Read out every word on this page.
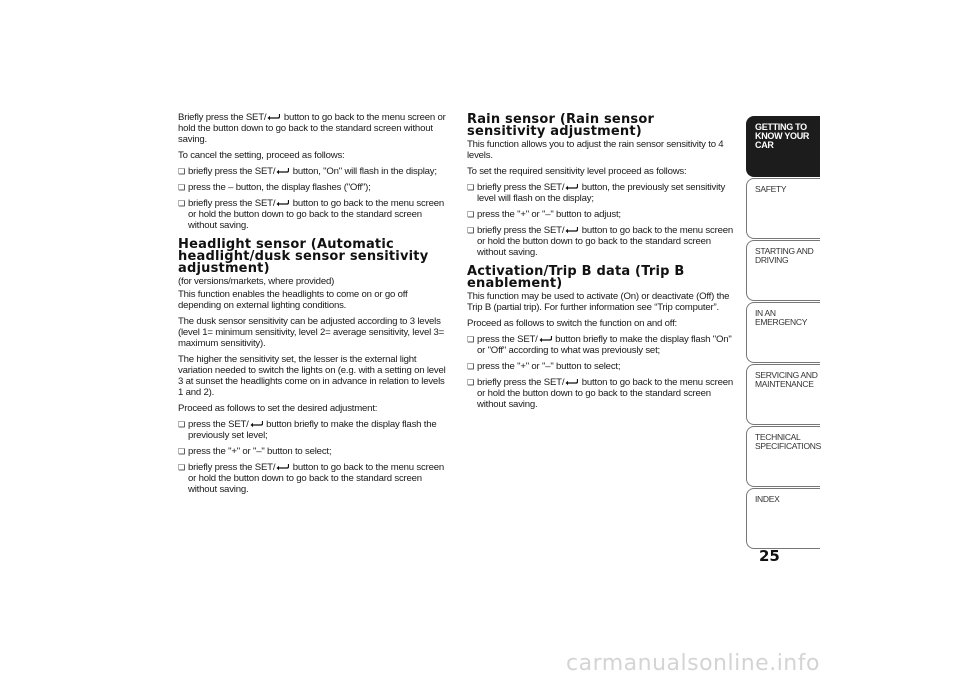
Briefly press the SET/
button to go back to the menu screen or hold the button down to go back to the standard screen without saving.

To cancel the setting, proceed as follows:

❏ briefly press the SET/
button, "On" will flash in the display;
❏ press the – button, the display flashes ("Off");
❏ briefly press the SET/
button to go back to the menu screen or hold the button down to go back to the standard screen without saving.
Headlight sensor (Automatic headlight/dusk sensor sensitivity adjustment)

(for versions/markets, where provided)

This function enables the headlights to come on or go off depending on external lighting conditions.

The dusk sensor sensitivity can be adjusted according to 3 levels (level 1= minimum sensitivity, level 2= average sensitivity, level 3= maximum sensitivity).

The higher the sensitivity set, the lesser is the external light variation needed to switch the lights on (e.g. with a setting on level 3 at sunset the headlights come on in advance in relation to levels 1 and 2).

Proceed as follows to set the desired adjustment:

❏ press the SET/
button briefly to make the display flash the previously set level;
❏ press the "+" or "–" button to select;
❏ briefly press the SET/
button to go back to the menu screen or hold the button down to go back to the standard screen without saving.
Rain sensor (Rain sensor sensitivity adjustment)

This function allows you to adjust the rain sensor sensitivity to 4 levels.

To set the required sensitivity level proceed as follows:

❏ briefly press the SET/
button, the previously set sensitivity level will flash on the display;
❏ press the "+" or "–" button to adjust;
❏ briefly press the SET/
button to go back to the menu screen or hold the button down to go back to the standard screen without saving.
Activation/Trip B data (Trip B enablement)

This function may be used to activate (On) or deactivate (Off) the Trip B (partial trip). For further information see “Trip computer”.

Proceed as follows to switch the function on and off:

❏ press the SET/
button briefly to make the display flash "On" or "Off" according to what was previously set;
❏ press the "+" or "–" button to select;
❏ briefly press the SET/
button to go back to the menu screen or hold the button down to go back to the standard screen without saving.
GETTING TO KNOW YOUR CAR
SAFETY
STARTING AND DRIVING
IN AN EMERGENCY
SERVICING AND MAINTENANCE
TECHNICAL SPECIFICATIONS
INDEX
25
carmanualsonline.info
